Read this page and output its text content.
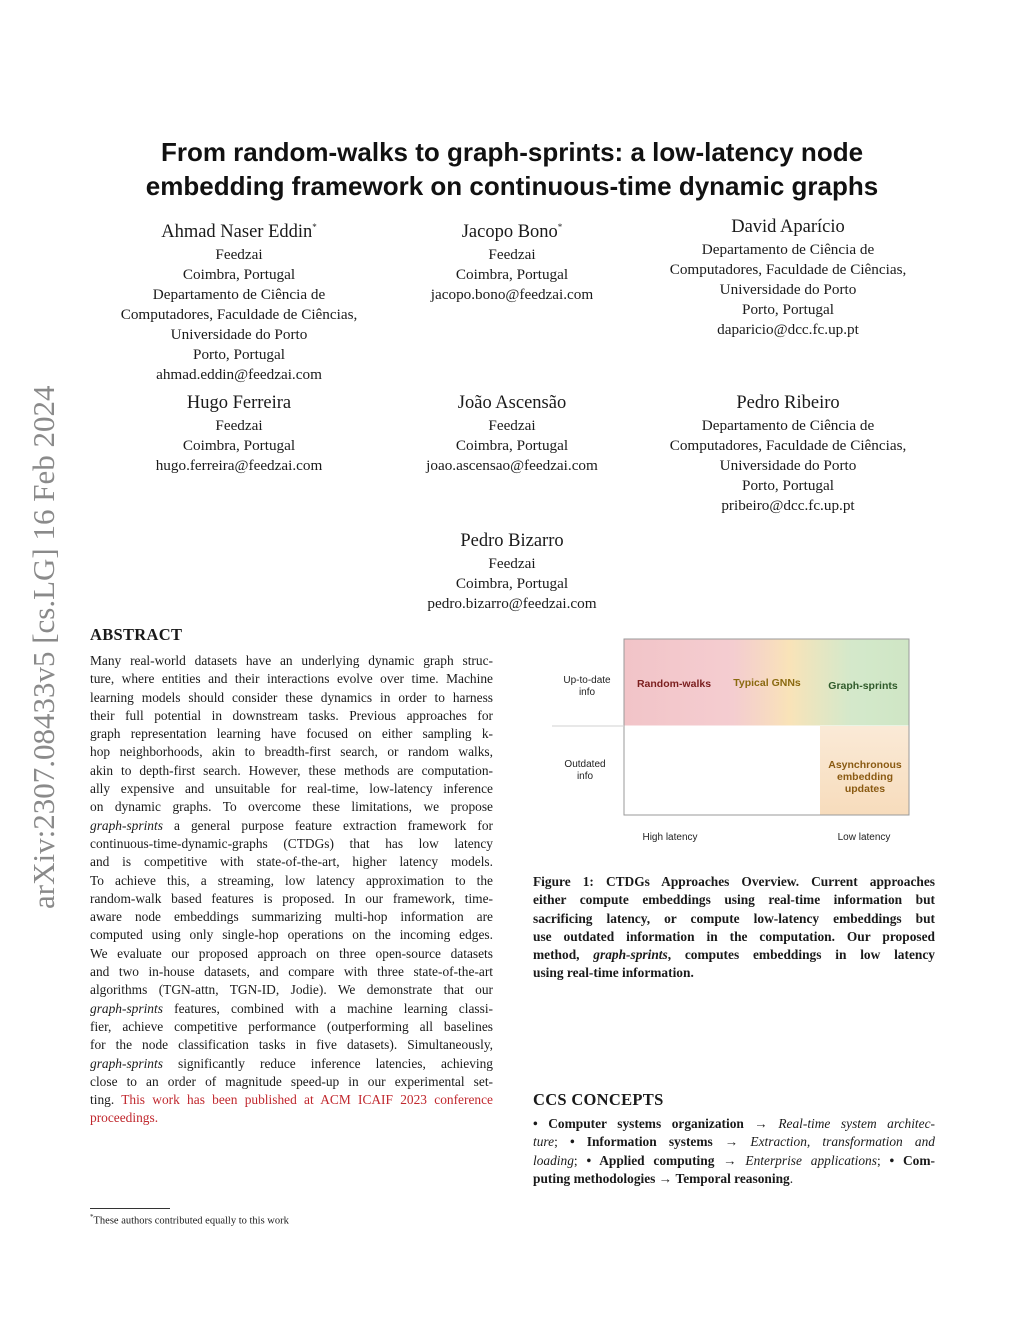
arXiv:2307.08433v5 [cs.LG] 16 Feb 2024
From random-walks to graph-sprints: a low-latency node
embedding framework on continuous-time dynamic graphs
Ahmad Naser Eddin*
Feedzai
Coimbra, Portugal
Departamento de Ciência de
Computadores, Faculdade de Ciências,
Universidade do Porto
Porto, Portugal
ahmad.eddin@feedzai.com
Jacopo Bono*
Feedzai
Coimbra, Portugal
jacopo.bono@feedzai.com
David Aparício
Departamento de Ciência de
Computadores, Faculdade de Ciências,
Universidade do Porto
Porto, Portugal
daparicio@dcc.fc.up.pt
Hugo Ferreira
Feedzai
Coimbra, Portugal
hugo.ferreira@feedzai.com
João Ascensão
Feedzai
Coimbra, Portugal
joao.ascensao@feedzai.com
Pedro Ribeiro
Departamento de Ciência de
Computadores, Faculdade de Ciências,
Universidade do Porto
Porto, Portugal
pribeiro@dcc.fc.up.pt
Pedro Bizarro
Feedzai
Coimbra, Portugal
pedro.bizarro@feedzai.com
ABSTRACT
Many real-world datasets have an underlying dynamic graph struc-
ture, where entities and their interactions evolve over time. Machine
learning models should consider these dynamics in order to harness
their full potential in downstream tasks. Previous approaches for
graph representation learning have focused on either sampling k-
hop neighborhoods, akin to breadth-first search, or random walks,
akin to depth-first search. However, these methods are computation-
ally expensive and unsuitable for real-time, low-latency inference
on dynamic graphs. To overcome these limitations, we propose
graph-sprints a general purpose feature extraction framework for
continuous-time-dynamic-graphs (CTDGs) that has low latency
and is competitive with state-of-the-art, higher latency models.
To achieve this, a streaming, low latency approximation to the
random-walk based features is proposed. In our framework, time-
aware node embeddings summarizing multi-hop information are
computed using only single-hop operations on the incoming edges.
We evaluate our proposed approach on three open-source datasets
and two in-house datasets, and compare with three state-of-the-art
algorithms (TGN-attn, TGN-ID, Jodie). We demonstrate that our
graph-sprints features, combined with a machine learning classi-
fier, achieve competitive performance (outperforming all baselines
for the node classification tasks in five datasets). Simultaneously,
graph-sprints significantly reduce inference latencies, achieving
close to an order of magnitude speed-up in our experimental set-
ting. This work has been published at ACM ICAIF 2023 conference
proceedings.
Up-to-date
info
Outdated
info
High latency	Low latency
Random-walks Typical GNNs	Graph-sprints
Asynchronous
embedding
updates
Figure 1: CTDGs Approaches Overview. Current approaches
either compute embeddings using real-time information but
sacrificing latency, or compute low-latency embeddings but
use outdated information in the computation. Our proposed
method, graph-sprints, computes embeddings in low latency
using real-time information.
CCS CONCEPTS
• Computer systems organization → Real-time system architec-
ture; • Information systems → Extraction, transformation and
loading; • Applied computing → Enterprise applications; • Com-
puting methodologies → Temporal reasoning.
*These authors contributed equally to this work
